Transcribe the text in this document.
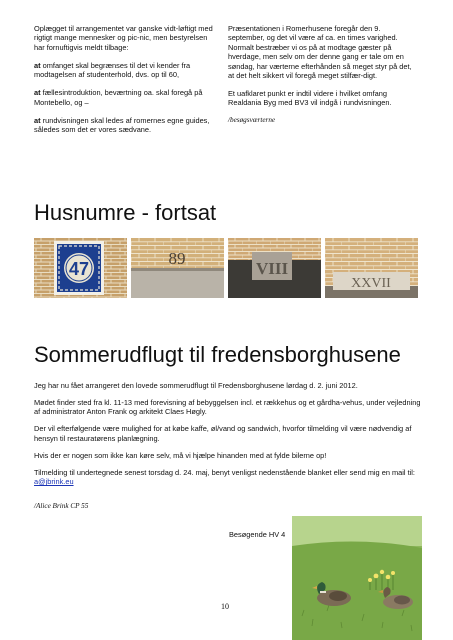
Oplægget til arrangementet var ganske vidt-løftigt med rigtigt mange mennesker og pic-nic, men bestyrelsen har fornuftigvis meldt tilbage:

at omfanget skal begrænses til det vi kender fra modtagelsen af studenterhold, dvs. op til 60,

at fællesintroduktion, beværtning oa. skal foregå på Montebello, og –

at rundvisningen skal ledes af romernes egne guides, således som det er vores sædvane.

Præsentationen i Romerhusene foregår den 9. september, og det vil være af ca. en times varighed. Normalt bestræber vi os på at modtage gæster på hverdage, men selv om der denne gang er tale om en søndag, har værterne efterhånden så meget styr på det, at det helt sikkert vil foregå meget stilfær-digt.

Et uafklaret punkt er indtil videre i hvilket omfang Realdania Byg med BV3 vil indgå i rundvisningen.

/besøgsværterne

Husnumre - fortsat
47
89
VIII
XXVII
Sommerudflugt til fredensborghusene

Jeg har nu fået arrangeret den lovede sommerudflugt til Fredensborghusene lørdag d. 2. juni 2012.

Mødet finder sted fra kl. 11-13 med forevisning af bebyggelsen incl. et rækkehus og et gårdha-vehus, under vejledning af administrator Anton Frank og arkitekt Claes Høgly.

Der vil efterfølgende være mulighed for at købe kaffe, øl/vand og sandwich, hvorfor tilmelding vil være nødvendig af hensyn til restauratørens planlægning.

Hvis der er nogen som ikke kan køre selv, må vi hjælpe hinanden med at fylde bilerne op!

Tilmelding til undertegnede senest torsdag d. 24. maj, benyt venligst nedenstående blanket eller send mig en mail til: a@jbrink.eu

/Alice Brink CP 55
Besøgende HV 4
10
